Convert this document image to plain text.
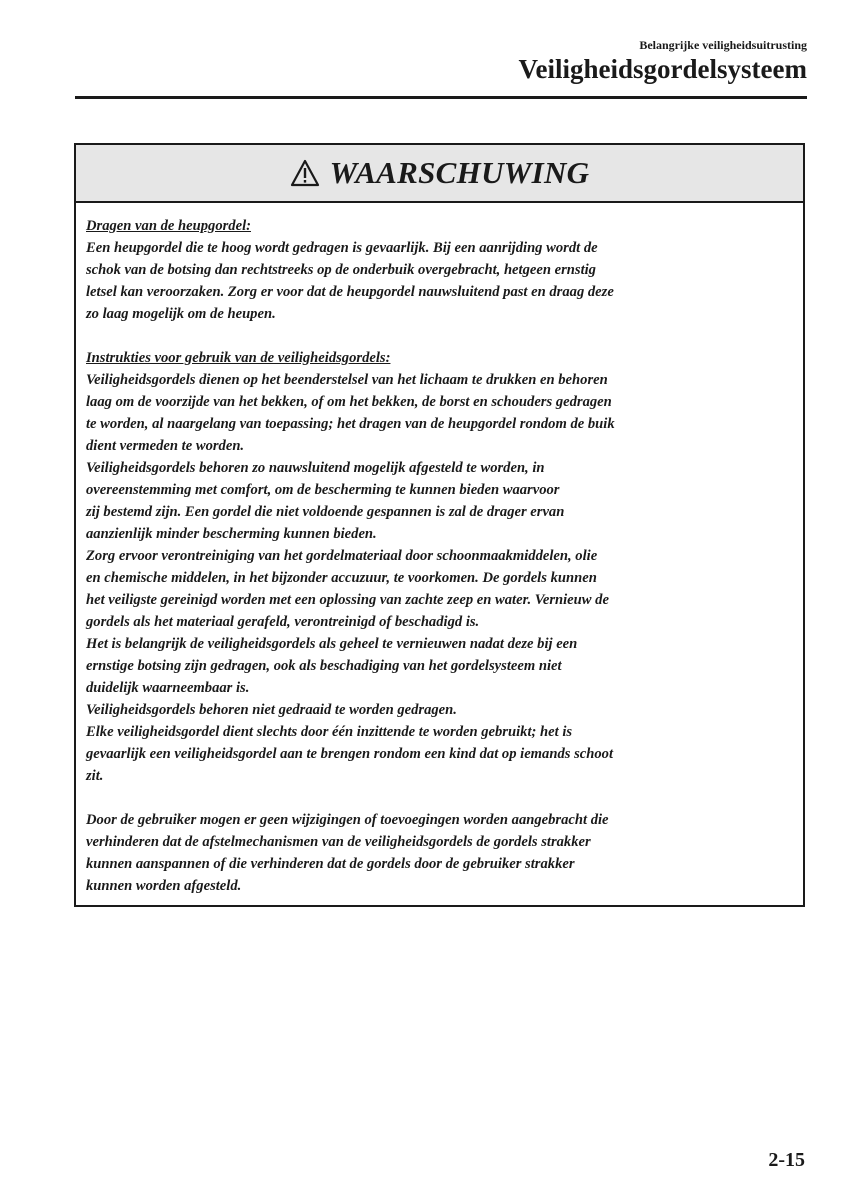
Belangrijke veiligheidsuitrusting
Veiligheidsgordelsysteem
WAARSCHUWING
Dragen van de heupgordel:
Een heupgordel die te hoog wordt gedragen is gevaarlijk. Bij een aanrijding wordt de
schok van de botsing dan rechtstreeks op de onderbuik overgebracht, hetgeen ernstig
letsel kan veroorzaken. Zorg er voor dat de heupgordel nauwsluitend past en draag deze
zo laag mogelijk om de heupen.
Instrukties voor gebruik van de veiligheidsgordels:
Veiligheidsgordels dienen op het beenderstelsel van het lichaam te drukken en behoren
laag om de voorzijde van het bekken, of om het bekken, de borst en schouders gedragen
te worden, al naargelang van toepassing; het dragen van de heupgordel rondom de buik
dient vermeden te worden.
Veiligheidsgordels behoren zo nauwsluitend mogelijk afgesteld te worden, in
overeenstemming met comfort, om de bescherming te kunnen bieden waarvoor
zij bestemd zijn. Een gordel die niet voldoende gespannen is zal de drager ervan
aanzienlijk minder bescherming kunnen bieden.
Zorg ervoor verontreiniging van het gordelmateriaal door schoonmaakmiddelen, olie
en chemische middelen, in het bijzonder accuzuur, te voorkomen. De gordels kunnen
het veiligste gereinigd worden met een oplossing van zachte zeep en water. Vernieuw de
gordels als het materiaal gerafeld, verontreinigd of beschadigd is.
Het is belangrijk de veiligheidsgordels als geheel te vernieuwen nadat deze bij een
ernstige botsing zijn gedragen, ook als beschadiging van het gordelsysteem niet
duidelijk waarneembaar is.
Veiligheidsgordels behoren niet gedraaid te worden gedragen.
Elke veiligheidsgordel dient slechts door één inzittende te worden gebruikt; het is
gevaarlijk een veiligheidsgordel aan te brengen rondom een kind dat op iemands schoot
zit.
Door de gebruiker mogen er geen wijzigingen of toevoegingen worden aangebracht die
verhinderen dat de afstelmechanismen van de veiligheidsgordels de gordels strakker
kunnen aanspannen of die verhinderen dat de gordels door de gebruiker strakker
kunnen worden afgesteld.
2-15
